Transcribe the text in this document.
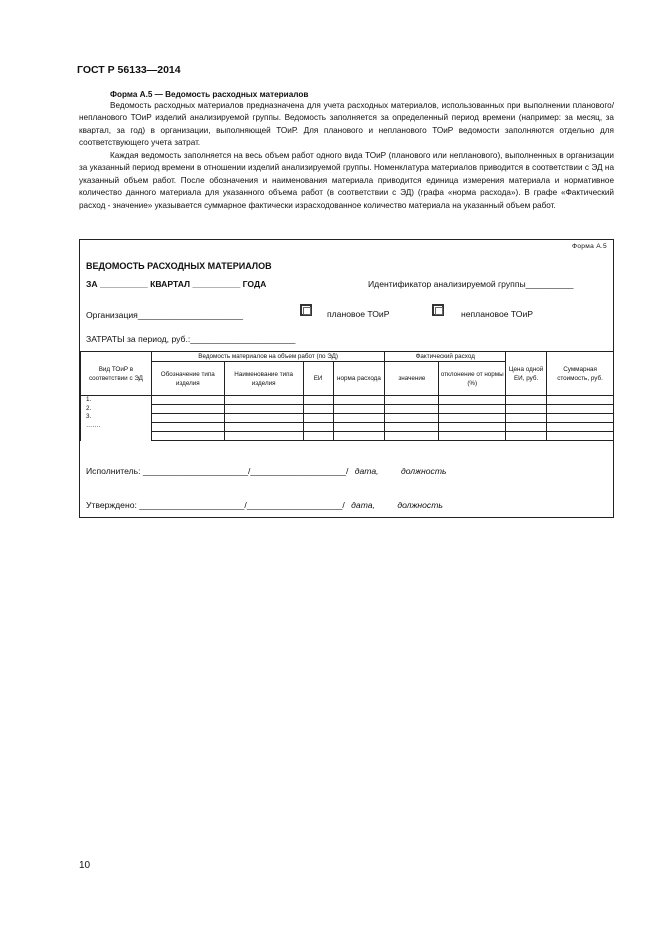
ГОСТ Р 56133—2014
Форма А.5 — Ведомость расходных материалов

Ведомость расходных материалов предназначена для учета расходных материалов, использованных при выполнении планового/непланового ТОиР изделий анализируемой группы. Ведомость заполняется за определенный период времени (например: за месяц, за квартал, за год) в организации, выполняющей ТОиР. Для планового и непланового ТОиР ведомости заполняются отдельно для соответствующего учета затрат.

Каждая ведомость заполняется на весь объем работ одного вида ТОиР (планового или непланового), выполненных в организации за указанный период времени в отношении изделий анализируемой группы. Номенклатура материалов приводится в соответствии с ЭД на указанный объем работ. После обозначения и наименования материала приводится единица измерения материала и нормативное количество данного материала для указанного объема работ (в соответствии с ЭД) (графа «норма расхода»). В графе «Фактический расход - значение» указывается суммарное фактически израсходованное количество материала на указанный объем работ.

Форма А.5
ВЕДОМОСТЬ РАСХОДНЫХ МАТЕРИАЛОВ
ЗА __________ КВАРТАЛ __________ ГОДА	Идентификатор анализируемой группы__________
Организация______________________	плановое ТОиР	неплановое ТОиР
ЗАТРАТЫ за период, руб.:______________________
Вид ТОиР в соответствии с ЭД	Ведомость материалов на объем работ (по ЭД)				Фактический расход		Цена одной ЕИ, руб.	Суммарная стоимость, руб.
	Обозначение типа изделия	Наименование типа изделия	ЕИ	норма расхода	значение	отклонение от нормы (%)		

1.
2.
3.
…….								

Исполнитель: ______________________/____________________/ дата,	должность
Утверждено: ______________________/____________________/ дата,	должность
10
